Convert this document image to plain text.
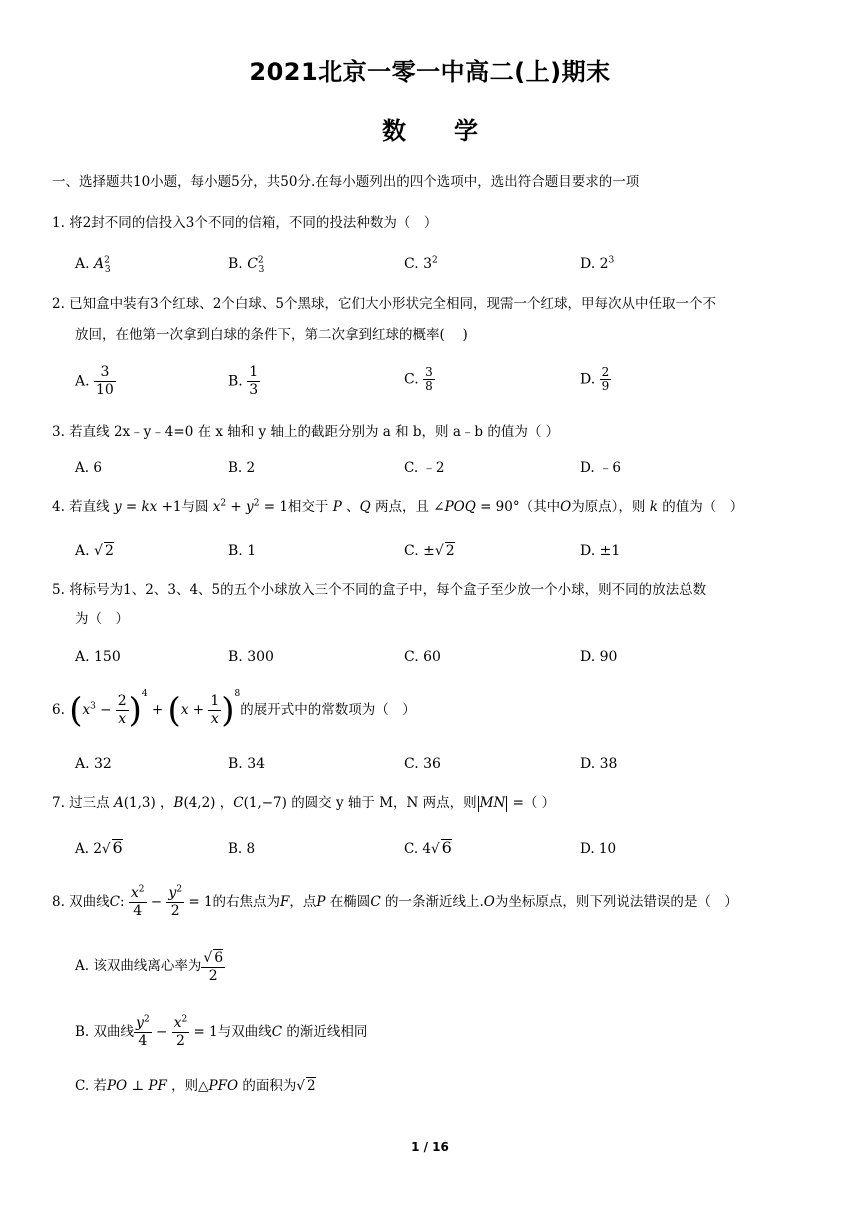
2021北京一零一中高二(上)期末
数　　学
一、选择题共10小题，每小题5分，共50分.在每小题列出的四个选项中，选出符合题目要求的一项
1. 将2封不同的信投入3个不同的信箱，不同的投法种数为（　）
A. $A^2_3$	B. $C^2_3$	C. $3^2$	D. $2^3$
2. 已知盒中装有3个红球、2个白球、5个黑球，它们大小形状完全相同，现需一个红球，甲每次从中任取一个不
放回，在他第一次拿到白球的条件下，第二次拿到红球的概率(　 )
A. $\frac{3}{10}$	B. $\frac{1}{3}$	C. $\frac{3}{8}$	D. $\frac{2}{9}$
3. 若直线 2x﹣y﹣4=0 在 x 轴和 y 轴上的截距分别为 a 和 b，则 a﹣b 的值为（ ）
A. 6	B. 2	C. ﹣2	D. ﹣6
4. 若直线 y = kx +1与圆 $x^2 + y^2 = 1$相交于 P 、Q 两点，且 ∠POQ = 90°（其中O为原点），则 k 的值为（　）
A. √ 2	B. 1	C. ±√ 2	D. ±1
5. 将标号为1、2、3、4、5的五个小球放入三个不同的盒子中，每个盒子至少放一个小球，则不同的放法总数
为（　）
A. 150	B. 300	C. 60	D. 90
6. $(x^3 - \frac{2}{x} )^4 + (x + \frac{1}{x} )^8$的展开式中的常数项为（　）
A. 32	B. 34	C. 36	D. 38
7. 过三点 A(1,3) ，B(4,2) ，C(1,−7) 的圆交 y 轴于 M，N 两点，则 MN =（ ）
A. 2√ 6	B. 8	C. 4√ 6	D. 10
8. 双曲线C: $\frac{x^2}{4} - \frac{y^2}{2} = 1$的右焦点为F，点P 在椭圆C 的一条渐近线上.O为坐标原点，则下列说法错误的是（　）
A. 该双曲线离心率为 $\frac{√ 6}{2}$
B. 双曲线 $\frac{y^2}{4} - \frac{x^2}{2} = 1$与双曲线C 的渐近线相同
C. 若PO ⊥ PF ，则△PFO 的面积为√ 2
1 / 16
